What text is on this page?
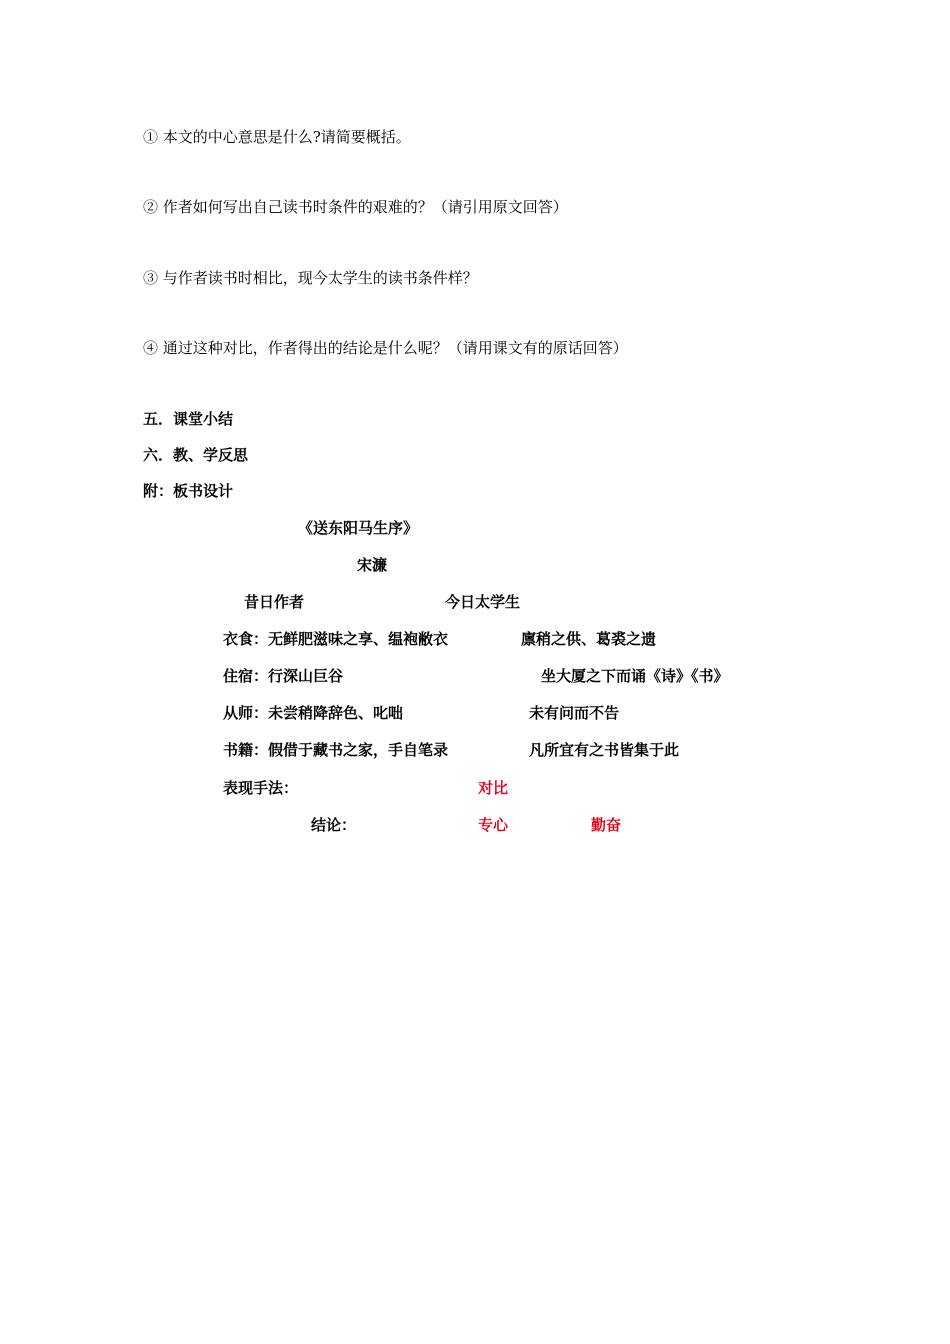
① 本文的中心意思是什么?请简要概括。
② 作者如何写出自己读书时条件的艰难的？（请引用原文回答）
③ 与作者读书时相比，现今太学生的读书条件样？
④ 通过这种对比，作者得出的结论是什么呢？（请用课文有的原话回答）
五．课堂小结
六．教、学反思
附：板书设计
《送东阳马生序》
宋濂
昔日作者	今日太学生
衣食：无鲜肥滋味之享、缊袍敝衣	廪稍之供、葛裘之遗
住宿：行深山巨谷	坐大厦之下而诵《诗》《书》
从师：未尝稍降辞色、叱咄	未有问而不告
书籍：假借于藏书之家，手自笔录	凡所宜有之书皆集于此
表现手法：	对比
结论：	专心	勤奋
